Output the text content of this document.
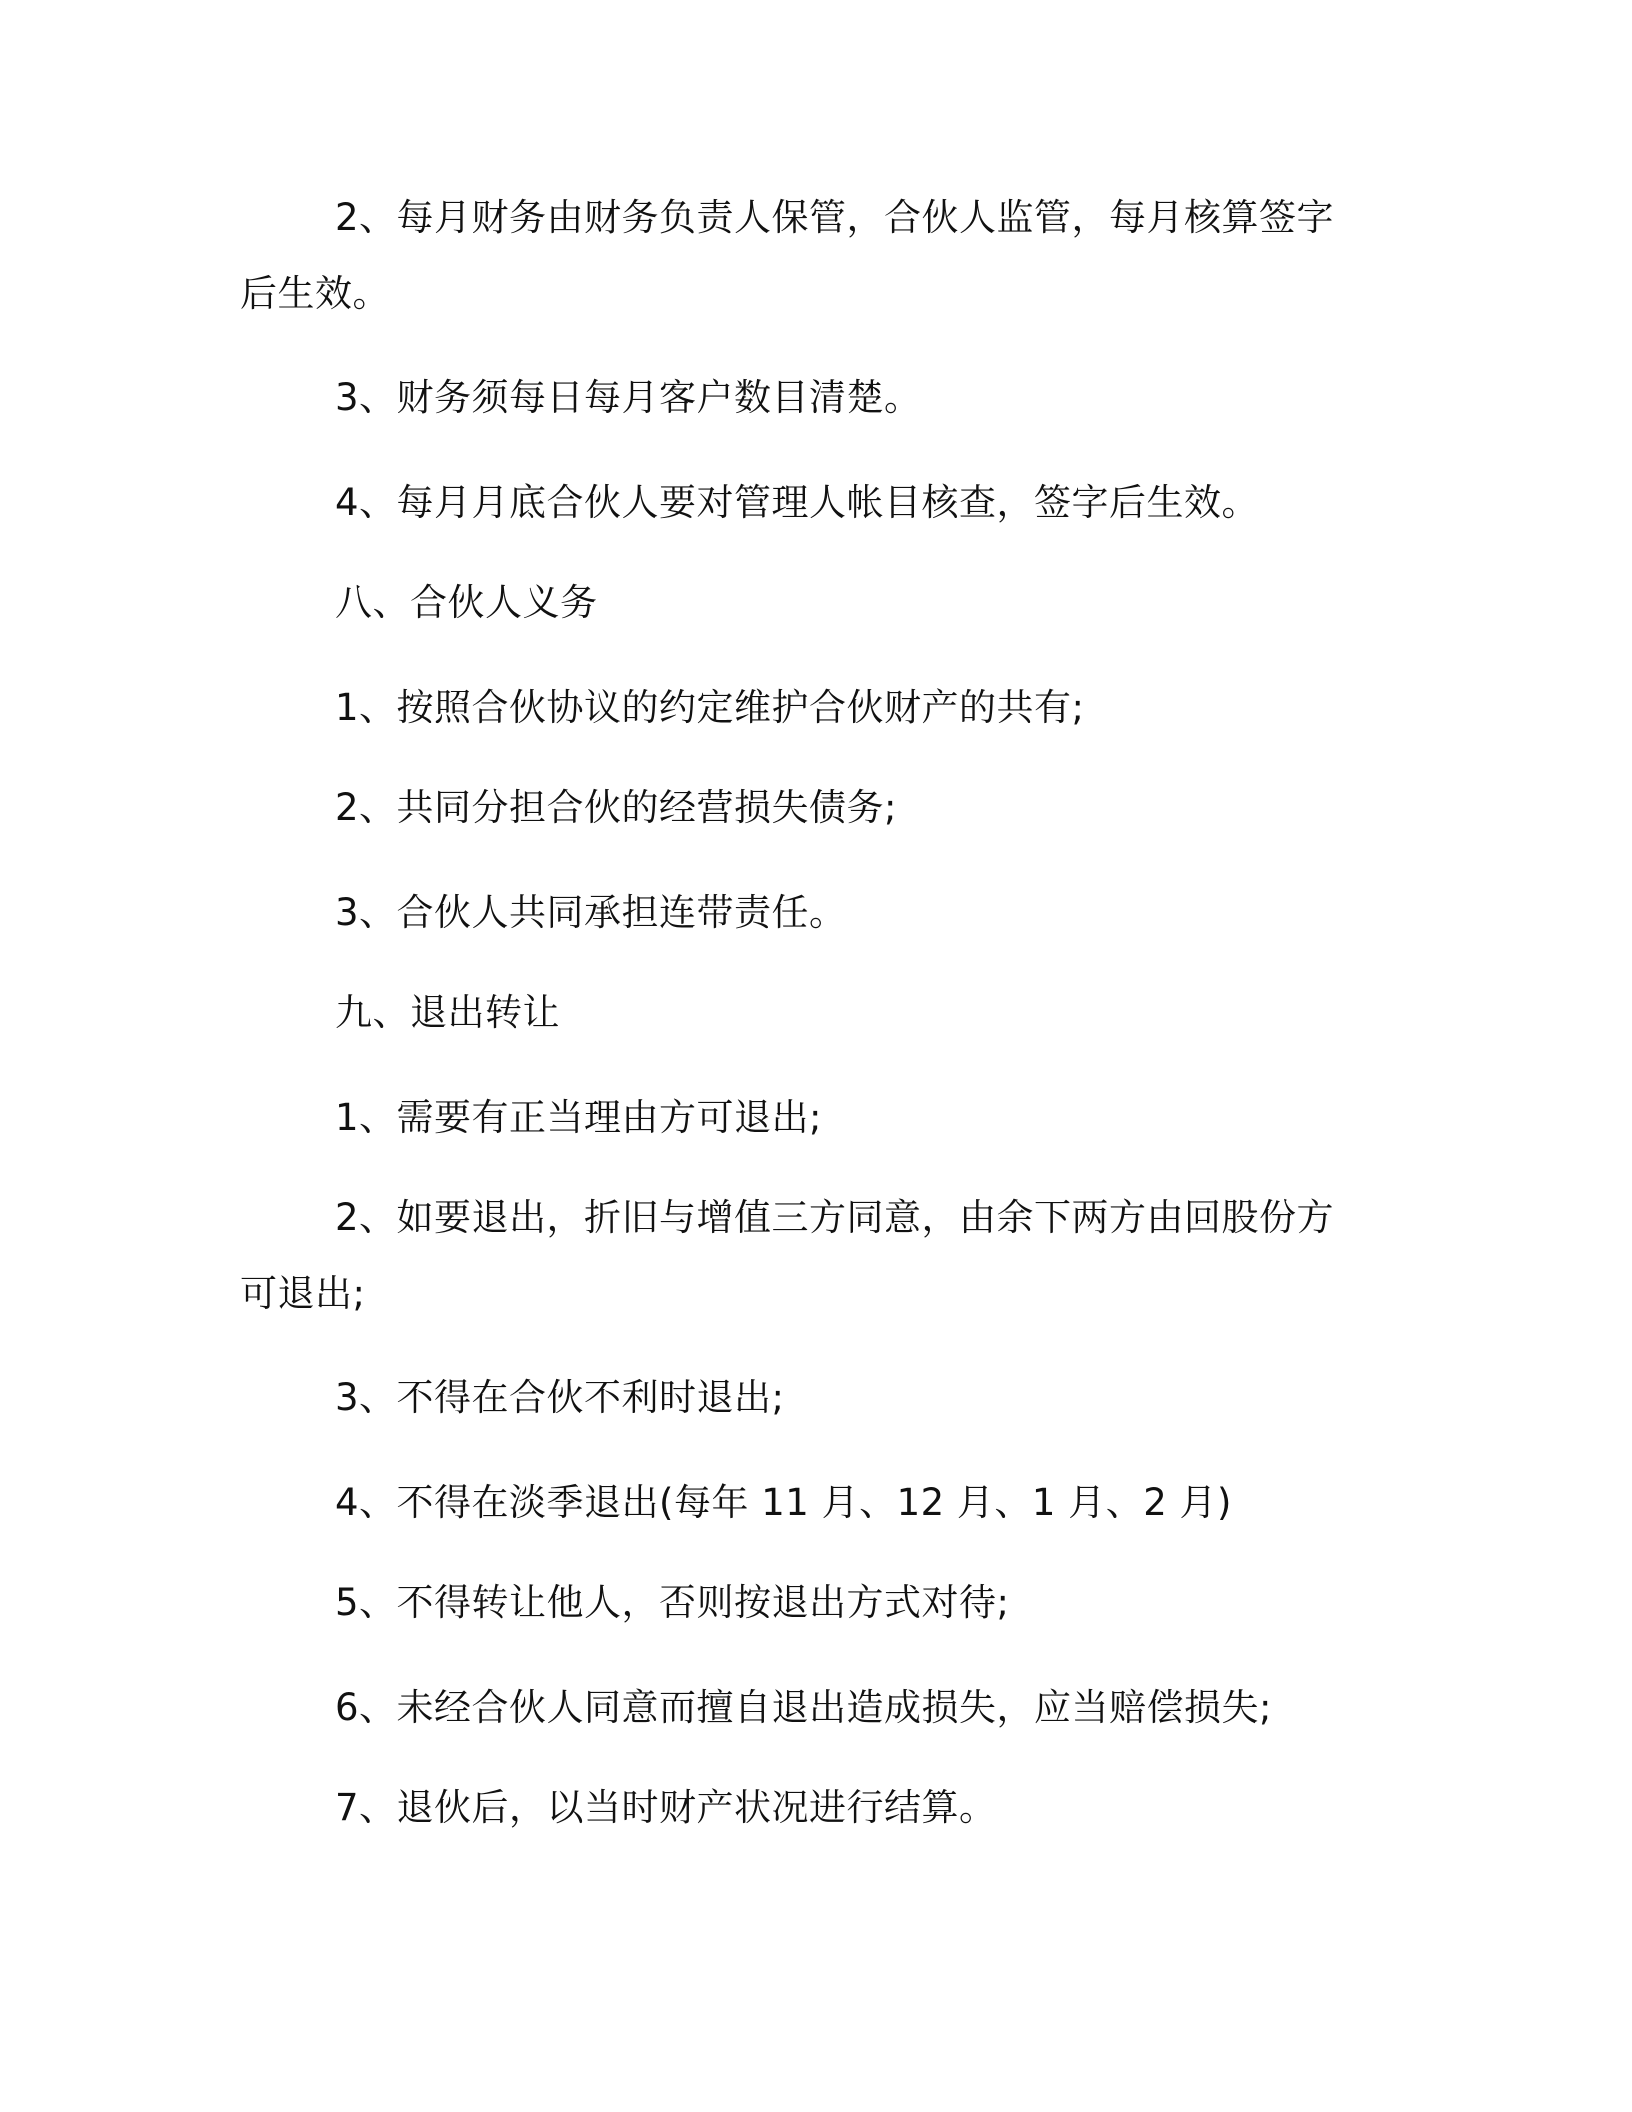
2、每月财务由财务负责人保管，合伙人监管，每月核算签字后生效。

3、财务须每日每月客户数目清楚。

4、每月月底合伙人要对管理人帐目核查，签字后生效。

八、合伙人义务

1、按照合伙协议的约定维护合伙财产的共有;

2、共同分担合伙的经营损失债务;

3、合伙人共同承担连带责任。

九、退出转让

1、需要有正当理由方可退出;

2、如要退出，折旧与增值三方同意，由余下两方由回股份方可退出;

3、不得在合伙不利时退出;

4、不得在淡季退出(每年 11 月、12 月、1 月、2 月)

5、不得转让他人，否则按退出方式对待;

6、未经合伙人同意而擅自退出造成损失，应当赔偿损失;

7、退伙后，以当时财产状况进行结算。
